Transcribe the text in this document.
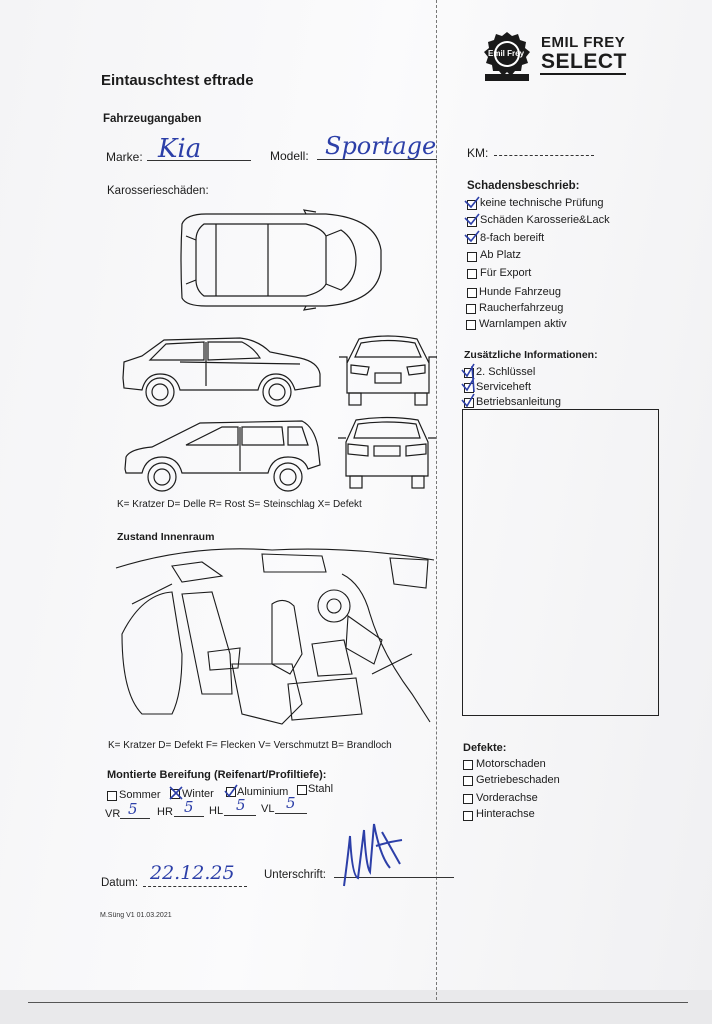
Emil Frey
EMIL FREY
SELECT
Eintauschtest eftrade
Fahrzeugangaben
Marke: Kia	Modell: Sportage	KM:
Karosserieschäden:
K= Kratzer D= Delle R= Rost S= Steinschlag X= Defekt
Zustand Innenraum
K= Kratzer D= Defekt F= Flecken V= Verschmutzt B= Brandloch
Montierte Bereifung (Reifenart/Profiltiefe):
Sommer Winter Aluminium Stahl
VR 5 HR 5 HL 5 VL 5
Datum: 22.12.25	Unterschrift:
M.Süng V1 01.03.2021
Schadensbeschrieb:
keine technische Prüfung
Schäden Karosserie&Lack
8-fach bereift
Ab Platz
Für Export
Hunde Fahrzeug
Raucherfahrzeug
Warnlampen aktiv
Zusätzliche Informationen:
2. Schlüssel
Serviceheft
Betriebsanleitung
Defekte:
Motorschaden
Getriebeschaden
Vorderachse
Hinterachse
